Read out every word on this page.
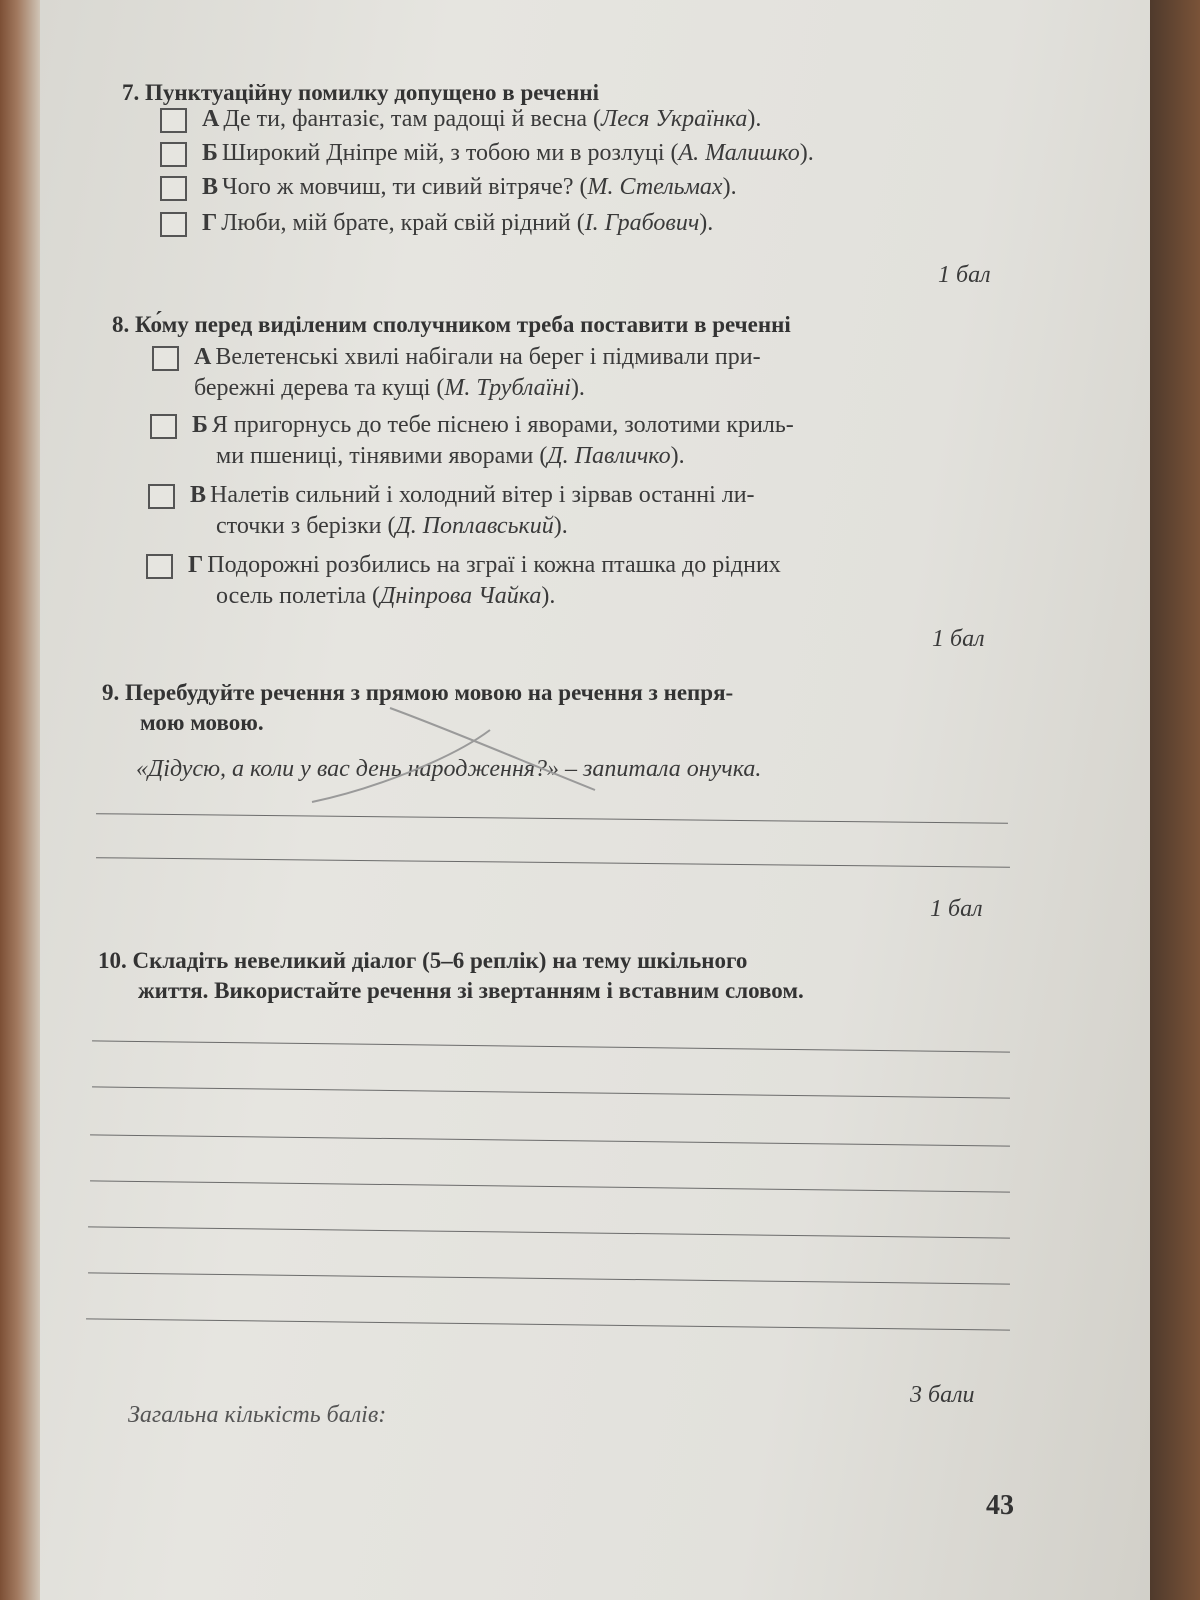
7. Пунктуаційну помилку допущено в реченні
А Де ти, фантазіє, там радощі й весна (Леся Українка).
Б Широкий Дніпре мій, з тобою ми в розлуці (А. Малишко).
В Чого ж мовчиш, ти сивий вітряче? (М. Стельмах).
Г Люби, мій брате, край свій рідний (І. Грабович).
1 бал
8. Ко́му перед виділеним сполучником треба поставити в реченні
А Велетенські хвилі набігали на берег і підмивали при-
бережні дерева та кущі (М. Трублаїні).
Б Я пригорнусь до тебе піснею і яворами, золотими криль-
ми пшениці, тінявими яворами (Д. Павличко).
В Налетів сильний і холодний вітер і зірвав останні ли-
сточки з берізки (Д. Поплавський).
Г Подорожні розбились на зграї і кожна пташка до рідних
осель полетіла (Дніпрова Чайка).
1 бал
9. Перебудуйте речення з прямою мовою на речення з непря-
мою мовою.
«Дідусю, а коли у вас день народження?» – запитала онучка.
1 бал
10. Складіть невеликий діалог (5–6 реплік) на тему шкільного
життя. Використайте речення зі звертанням і вставним словом.
3 бали
Загальна кількість балів:
43
